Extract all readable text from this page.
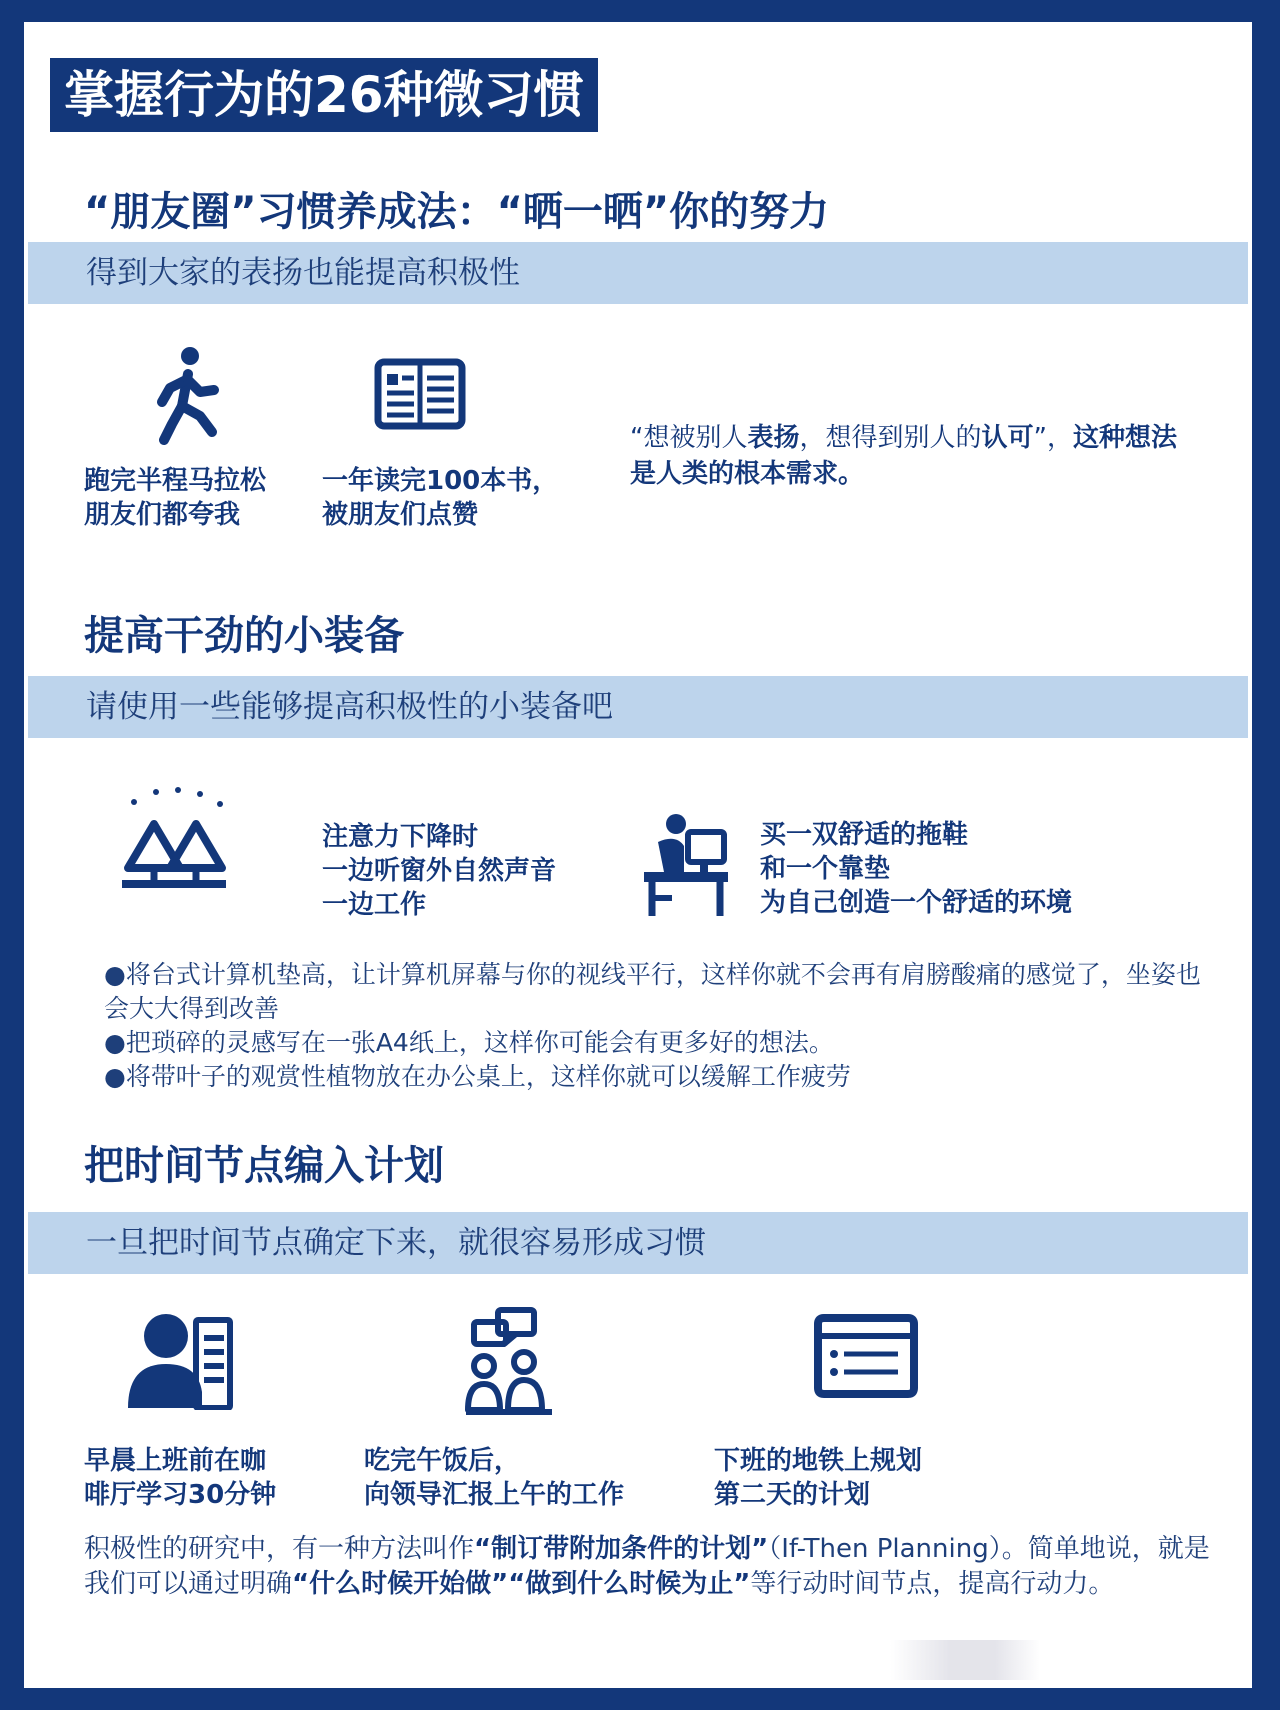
掌握行为的26种微习惯
“朋友圈”习惯养成法：“晒一晒”你的努力
得到大家的表扬也能提高积极性
跑完半程马拉松
朋友们都夸我
一年读完100本书，
被朋友们点赞
“想被别人表扬，想得到别人的认可”，这种想法是人类的根本需求。
提高干劲的小装备
请使用一些能够提高积极性的小装备吧
注意力下降时
一边听窗外自然声音
一边工作
买一双舒适的拖鞋
和一个靠垫
为自己创造一个舒适的环境

●将台式计算机垫高，让计算机屏幕与你的视线平行，这样你就不会再有肩膀酸痛的感觉了，坐姿也会大大得到改善

●把琐碎的灵感写在一张A4纸上，这样你可能会有更多好的想法。

●将带叶子的观赏性植物放在办公桌上，这样你就可以缓解工作疲劳

把时间节点编入计划
一旦把时间节点确定下来，就很容易形成习惯
早晨上班前在咖
啡厅学习30分钟
吃完午饭后，
向领导汇报上午的工作
下班的地铁上规划
第二天的计划
积极性的研究中，有一种方法叫作“制订带附加条件的计划”（If-Then Planning）。简单地说，就是我们可以通过明确“什么时候开始做”“做到什么时候为止”等行动时间节点，提高行动力。
